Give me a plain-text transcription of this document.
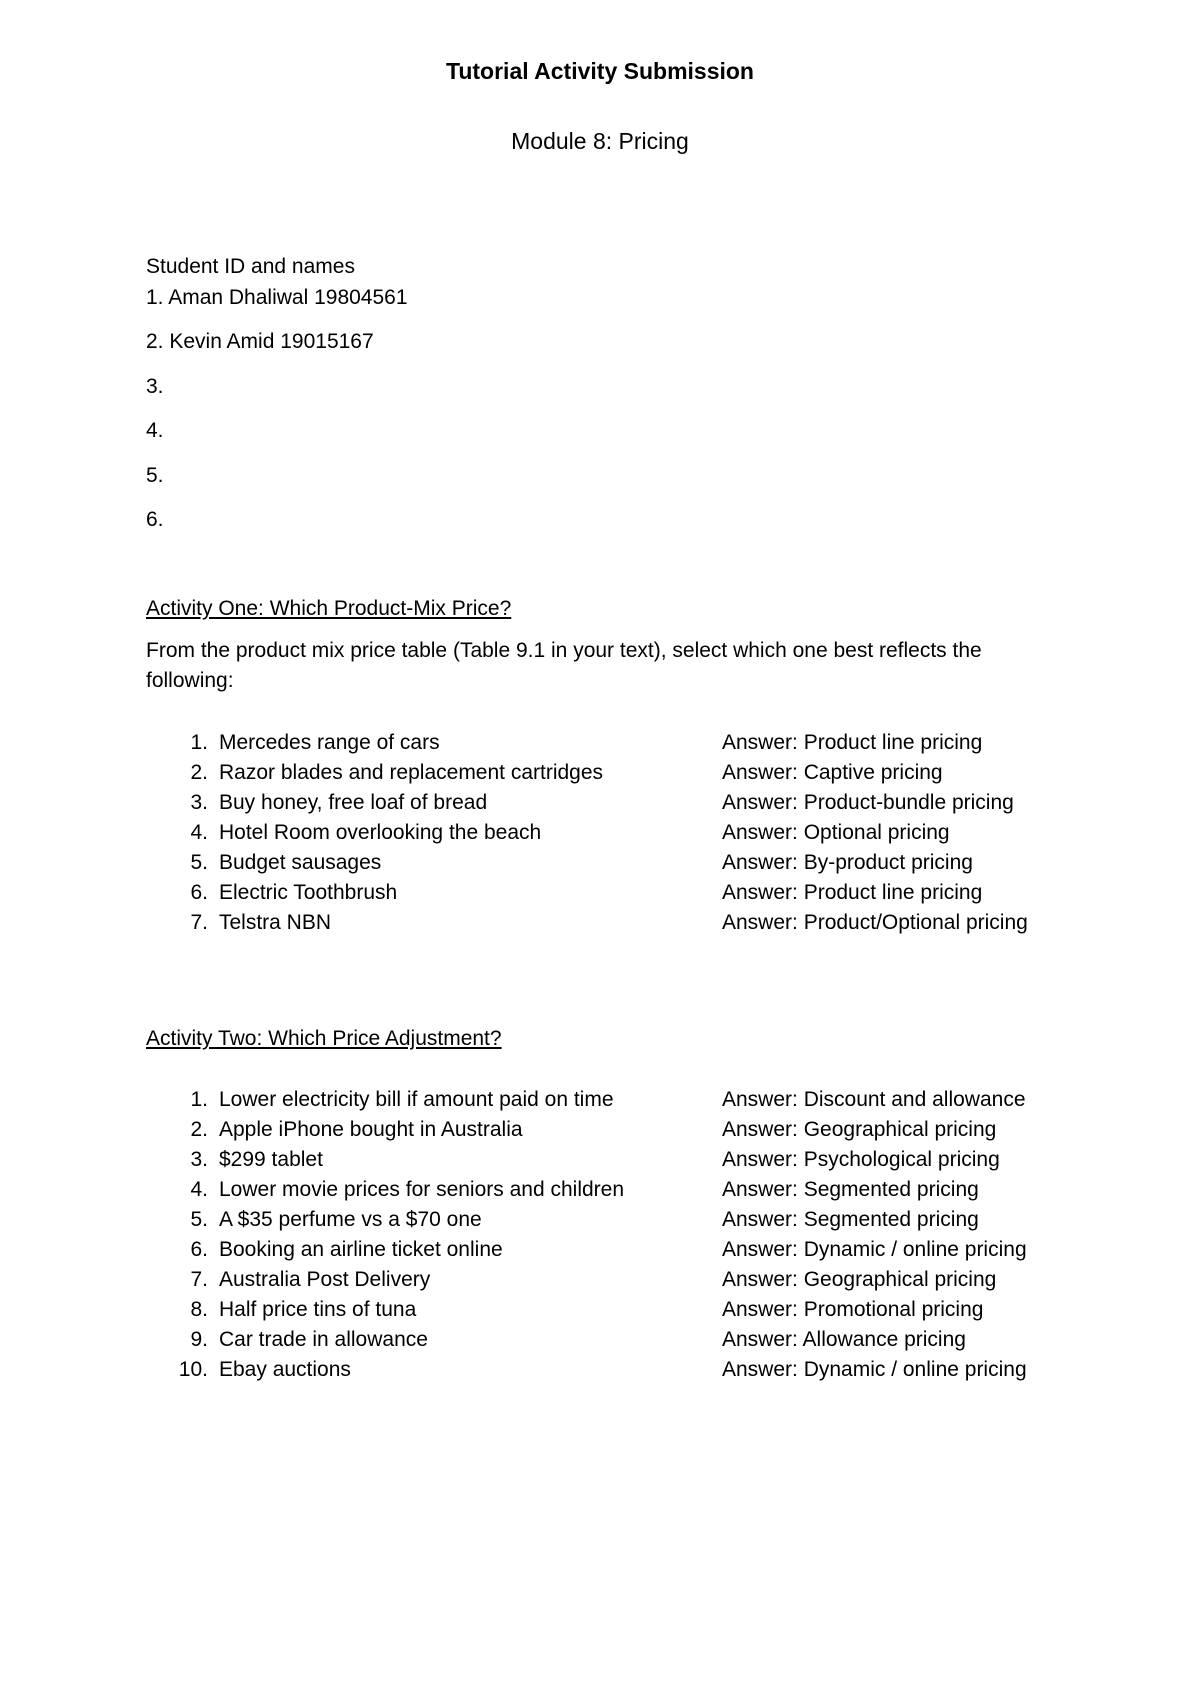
Tutorial Activity Submission
Module 8: Pricing
Student ID and names
1. Aman Dhaliwal 19804561
2. Kevin Amid 19015167
3.
4.
5.
6.
Activity One: Which Product-Mix Price?
From the product mix price table (Table 9.1 in your text), select which one best reflects the following:
1. Mercedes range of cars	Answer: Product line pricing
2. Razor blades and replacement cartridges	Answer: Captive pricing
3. Buy honey, free loaf of bread	Answer: Product-bundle pricing
4. Hotel Room overlooking the beach	Answer: Optional pricing
5. Budget sausages	Answer: By-product pricing
6. Electric Toothbrush	Answer: Product line pricing
7. Telstra NBN	Answer: Product/Optional pricing
Activity Two: Which Price Adjustment?
1. Lower electricity bill if amount paid on time	Answer: Discount and allowance
2. Apple iPhone bought in Australia	Answer: Geographical pricing
3. $299 tablet	Answer: Psychological pricing
4. Lower movie prices for seniors and children	Answer: Segmented pricing
5. A $35 perfume vs a $70 one	Answer: Segmented pricing
6. Booking an airline ticket online	Answer: Dynamic / online pricing
7. Australia Post Delivery	Answer: Geographical pricing
8. Half price tins of tuna	Answer: Promotional pricing
9. Car trade in allowance	Answer: Allowance pricing
10. Ebay auctions	Answer: Dynamic / online pricing
